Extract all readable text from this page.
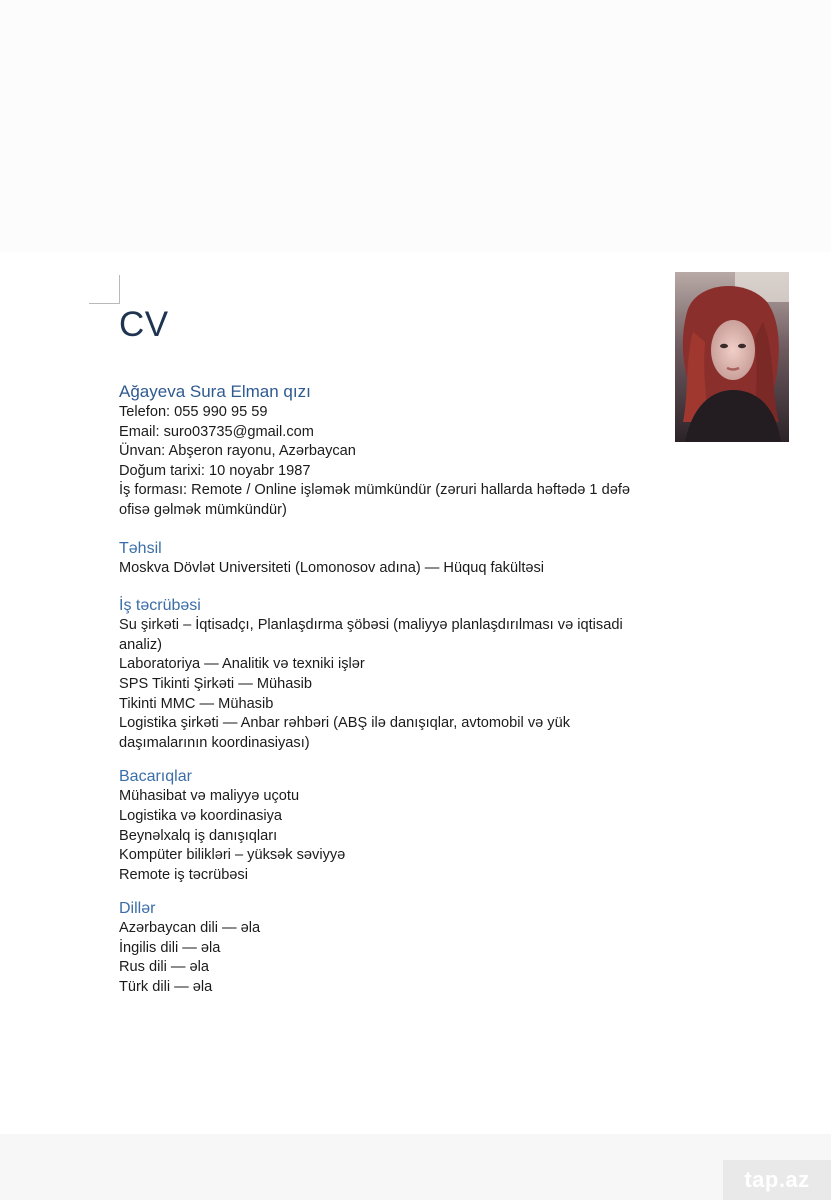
CV

Ağayeva Sura Elman qızı

Telefon: 055 990 95 59

Email: suro03735@gmail.com

Ünvan: Abşeron rayonu, Azərbaycan

Doğum tarixi: 10 noyabr 1987

İş forması: Remote / Online işləmək mümkündür (zəruri hallarda həftədə 1 dəfə

ofisə gəlmək mümkündür)

Təhsil

Moskva Dövlət Universiteti (Lomonosov adına) — Hüquq fakültəsi

İş təcrübəsi

Su şirkəti – İqtisadçı, Planlaşdırma şöbəsi (maliyyə planlaşdırılması və iqtisadi

analiz)

Laboratoriya — Analitik və texniki işlər

SPS Tikinti Şirkəti — Mühasib

Tikinti MMC — Mühasib

Logistika şirkəti — Anbar rəhbəri (ABŞ ilə danışıqlar, avtomobil və yük

daşımalarının koordinasiyası)

Bacarıqlar

Mühasibat və maliyyə uçotu

Logistika və koordinasiya

Beynəlxalq iş danışıqları

Kompüter bilikləri – yüksək səviyyə

Remote iş təcrübəsi

Dillər

Azərbaycan dili — əla

İngilis dili — əla

Rus dili — əla

Türk dili — əla

tap.az
